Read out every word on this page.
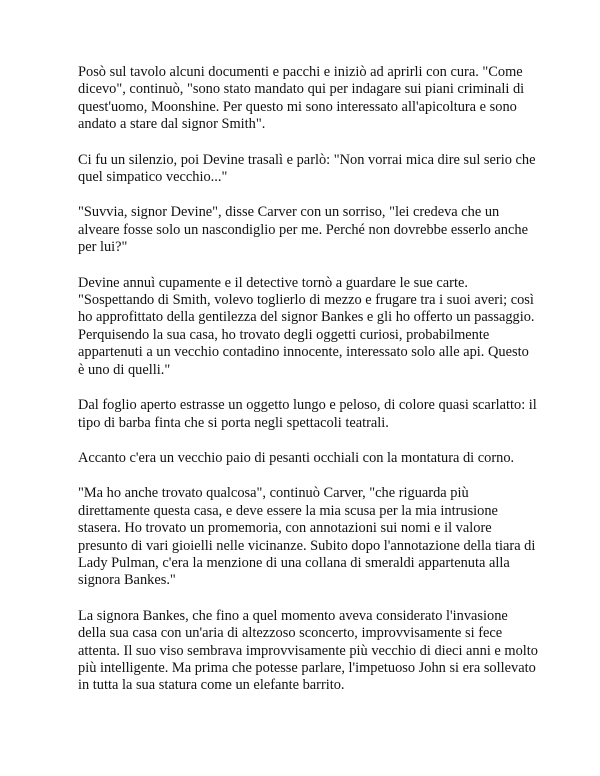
Posò sul tavolo alcuni documenti e pacchi e iniziò ad aprirli con cura. "Come dicevo", continuò, "sono stato mandato qui per indagare sui piani criminali di quest'uomo, Moonshine. Per questo mi sono interessato all'apicoltura e sono andato a stare dal signor Smith".

Ci fu un silenzio, poi Devine trasalì e parlò: "Non vorrai mica dire sul serio che quel simpatico vecchio..."

"Suvvia, signor Devine", disse Carver con un sorriso, "lei credeva che un alveare fosse solo un nascondiglio per me. Perché non dovrebbe esserlo anche per lui?"

Devine annuì cupamente e il detective tornò a guardare le sue carte. "Sospettando di Smith, volevo toglierlo di mezzo e frugare tra i suoi averi; così ho approfittato della gentilezza del signor Bankes e gli ho offerto un passaggio. Perquisendo la sua casa, ho trovato degli oggetti curiosi, probabilmente appartenuti a un vecchio contadino innocente, interessato solo alle api. Questo è uno di quelli."

Dal foglio aperto estrasse un oggetto lungo e peloso, di colore quasi scarlatto: il tipo di barba finta che si porta negli spettacoli teatrali.

Accanto c'era un vecchio paio di pesanti occhiali con la montatura di corno.

"Ma ho anche trovato qualcosa", continuò Carver, "che riguarda più direttamente questa casa, e deve essere la mia scusa per la mia intrusione stasera. Ho trovato un promemoria, con annotazioni sui nomi e il valore presunto di vari gioielli nelle vicinanze. Subito dopo l'annotazione della tiara di Lady Pulman, c'era la menzione di una collana di smeraldi appartenuta alla signora Bankes."

La signora Bankes, che fino a quel momento aveva considerato l'invasione della sua casa con un'aria di altezzoso sconcerto, improvvisamente si fece attenta. Il suo viso sembrava improvvisamente più vecchio di dieci anni e molto più intelligente. Ma prima che potesse parlare, l'impetuoso John si era sollevato in tutta la sua statura come un elefante barrito.
